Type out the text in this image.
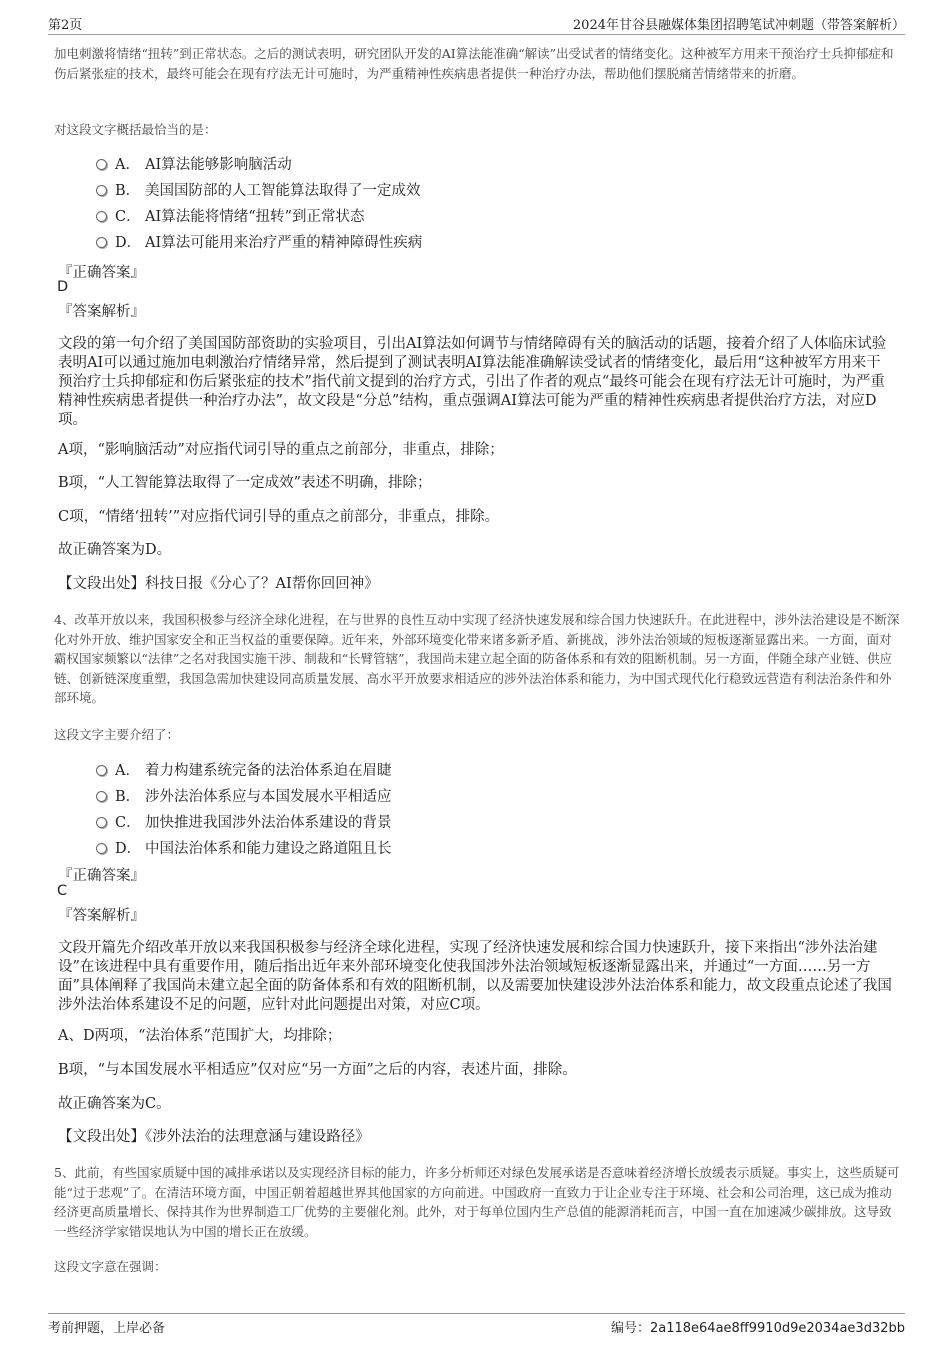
第2页	2024年甘谷县融媒体集团招聘笔试冲刺题（带答案解析）
加电刺激将情绪“扭转”到正常状态。之后的测试表明，研究团队开发的AI算法能准确“解读”出受试者的情绪变化。这种被军方用来干预治疗士兵抑郁症和伤后紧张症的技术，最终可能会在现有疗法无计可施时，为严重精神性疾病患者提供一种治疗办法，帮助他们摆脱痛苦情绪带来的折磨。
对这段文字概括最恰当的是：
A． AI算法能够影响脑活动
B． 美国国防部的人工智能算法取得了一定成效
C． AI算法能将情绪“扭转”到正常状态
D． AI算法可能用来治疗严重的精神障碍性疾病
『正确答案』
D
『答案解析』
文段的第一句介绍了美国国防部资助的实验项目，引出AI算法如何调节与情绪障碍有关的脑活动的话题，接着介绍了人体临床试验表明AI可以通过施加电刺激治疗情绪异常，然后提到了测试表明AI算法能准确解读受试者的情绪变化，最后用“这种被军方用来干预治疗士兵抑郁症和伤后紧张症的技术”指代前文提到的治疗方式，引出了作者的观点“最终可能会在现有疗法无计可施时，为严重精神性疾病患者提供一种治疗办法”，故文段是“分总”结构，重点强调AI算法可能为严重的精神性疾病患者提供治疗方法，对应D项。
A项，“影响脑活动”对应指代词引导的重点之前部分，非重点，排除；
B项，“人工智能算法取得了一定成效”表述不明确，排除；
C项，“情绪‘扭转’”对应指代词引导的重点之前部分，非重点，排除。
故正确答案为D。
【文段出处】科技日报《分心了？AI帮你回回神》
4、改革开放以来，我国积极参与经济全球化进程，在与世界的良性互动中实现了经济快速发展和综合国力快速跃升。在此进程中，涉外法治建设是不断深化对外开放、维护国家安全和正当权益的重要保障。近年来，外部环境变化带来诸多新矛盾、新挑战，涉外法治领域的短板逐渐显露出来。一方面，面对霸权国家频繁以“法律”之名对我国实施干涉、制裁和“长臂管辖”，我国尚未建立起全面的防备体系和有效的阻断机制。另一方面，伴随全球产业链、供应链、创新链深度重塑，我国急需加快建设同高质量发展、高水平开放要求相适应的涉外法治体系和能力，为中国式现代化行稳致远营造有利法治条件和外部环境。
这段文字主要介绍了：
A． 着力构建系统完备的法治体系迫在眉睫
B． 涉外法治体系应与本国发展水平相适应
C． 加快推进我国涉外法治体系建设的背景
D． 中国法治体系和能力建设之路道阻且长
『正确答案』
C
『答案解析』
文段开篇先介绍改革开放以来我国积极参与经济全球化进程，实现了经济快速发展和综合国力快速跃升，接下来指出“涉外法治建设”在该进程中具有重要作用，随后指出近年来外部环境变化使我国涉外法治领域短板逐渐显露出来，并通过“一方面……另一方面”具体阐释了我国尚未建立起全面的防备体系和有效的阻断机制，以及需要加快建设涉外法治体系和能力，故文段重点论述了我国涉外法治体系建设不足的问题，应针对此问题提出对策，对应C项。
A、D两项，“法治体系”范围扩大，均排除；
B项，“与本国发展水平相适应”仅对应“另一方面”之后的内容，表述片面，排除。
故正确答案为C。
【文段出处】《涉外法治的法理意涵与建设路径》
5、此前，有些国家质疑中国的减排承诺以及实现经济目标的能力，许多分析师还对绿色发展承诺是否意味着经济增长放缓表示质疑。事实上，这些质疑可能“过于悲观”了。在清洁环境方面，中国正朝着超越世界其他国家的方向前进。中国政府一直致力于让企业专注于环境、社会和公司治理，这已成为推动经济更高质量增长、保持其作为世界制造工厂优势的主要催化剂。此外，对于每单位国内生产总值的能源消耗而言，中国一直在加速减少碳排放。这导致一些经济学家错误地认为中国的增长正在放缓。
这段文字意在强调：
考前押题，上岸必备	编号：2a118e64ae8ff9910d9e2034ae3d32bb
